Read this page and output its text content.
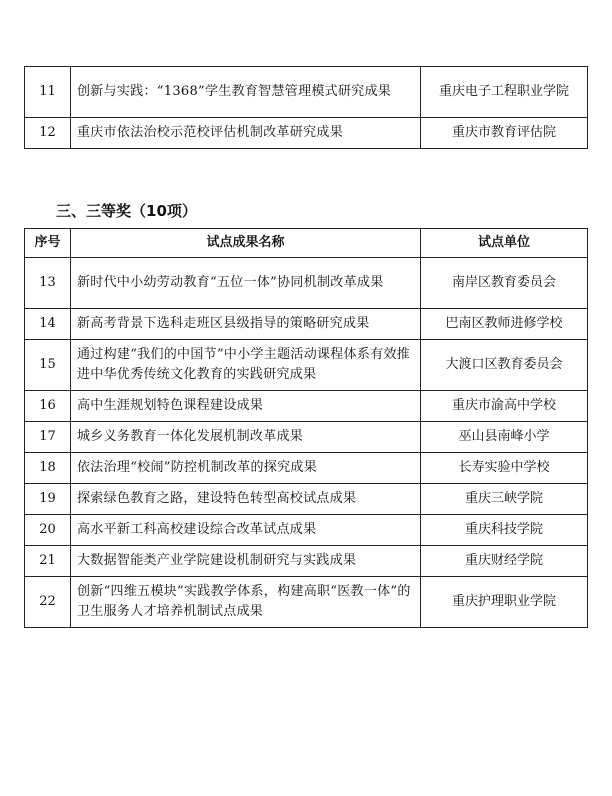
11	创新与实践：“1368”学生教育智慧管理模式研究成果	重庆电子工程职业学院
12	重庆市依法治校示范校评估机制改革研究成果	重庆市教育评估院
三、三等奖（10项）
序号	试点成果名称	试点单位
13	新时代中小幼劳动教育“五位一体”协同机制改革成果	南岸区教育委员会
14	新高考背景下选科走班区县级指导的策略研究成果	巴南区教师进修学校
15	通过构建“我们的中国节”中小学主题活动课程体系有效推进中华优秀传统文化教育的实践研究成果	大渡口区教育委员会
16	高中生涯规划特色课程建设成果	重庆市渝高中学校
17	城乡义务教育一体化发展机制改革成果	巫山县南峰小学
18	依法治理“校闹”防控机制改革的探究成果	长寿实验中学校
19	探索绿色教育之路，建设特色转型高校试点成果	重庆三峡学院
20	高水平新工科高校建设综合改革试点成果	重庆科技学院
21	大数据智能类产业学院建设机制研究与实践成果	重庆财经学院
22	创新“四维五模块”实践教学体系，构建高职“医教一体”的卫生服务人才培养机制试点成果	重庆护理职业学院
